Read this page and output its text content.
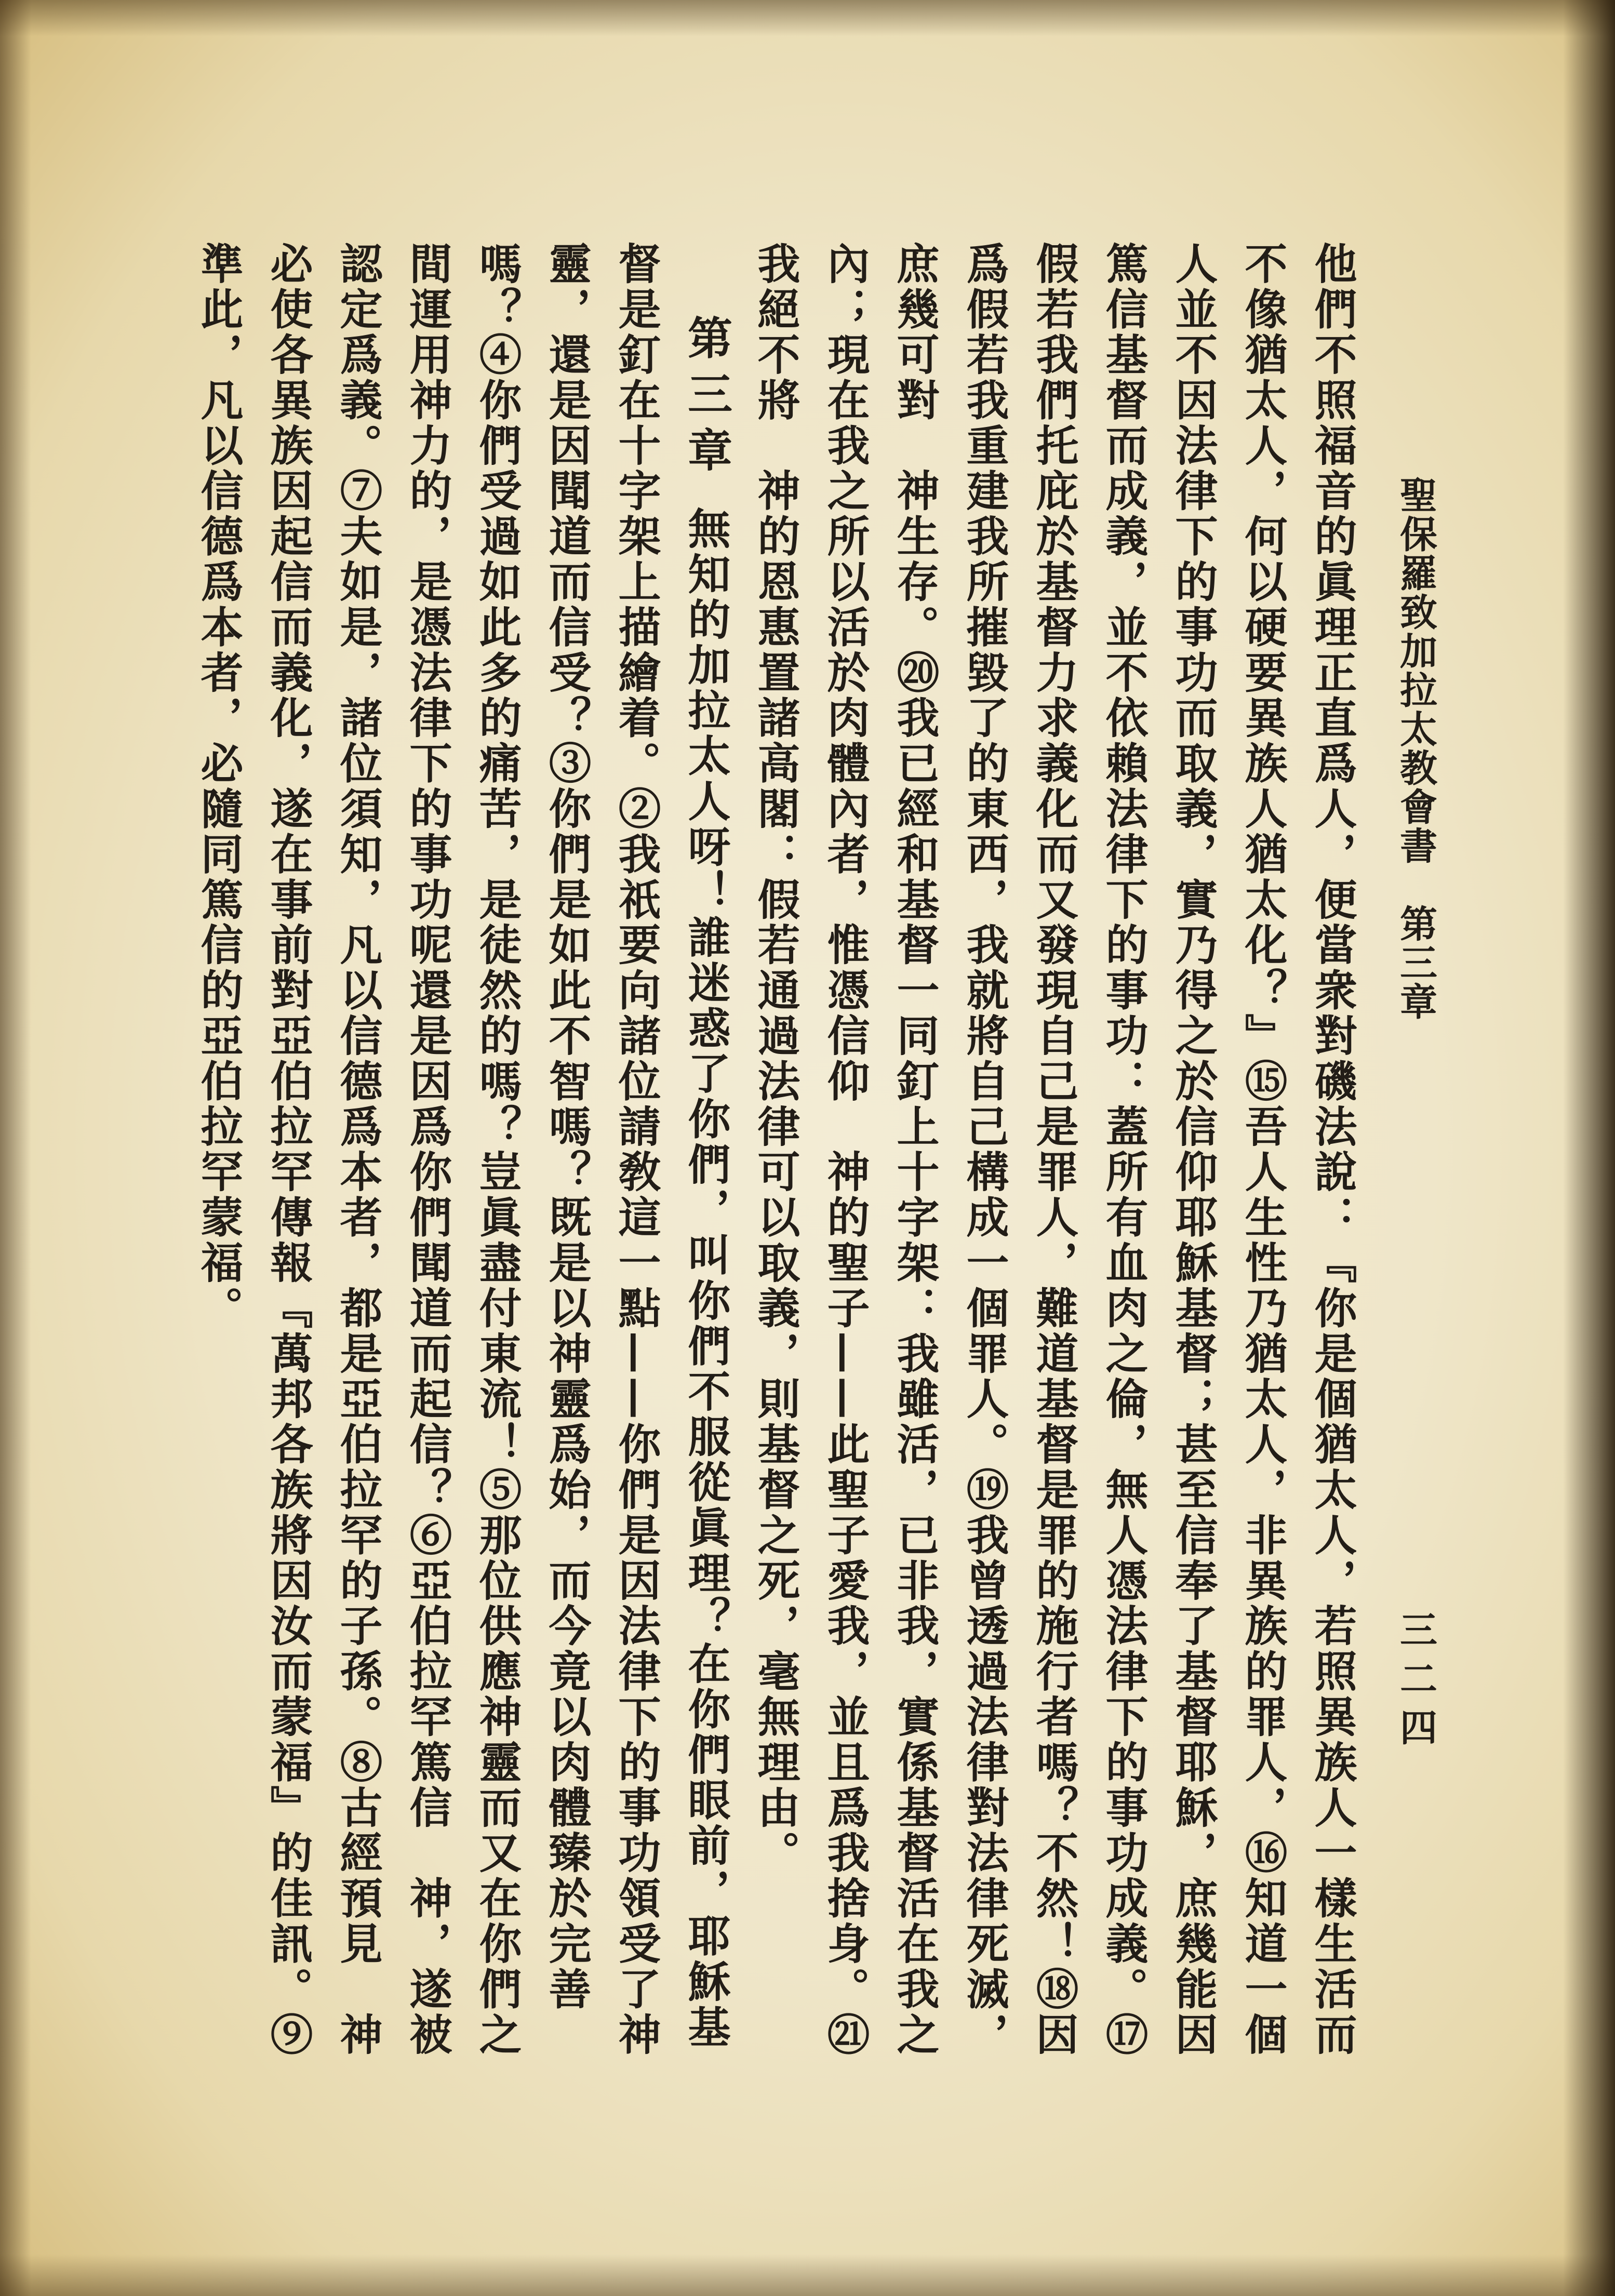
聖保羅致加拉太教會書　第三章
三二四
他們不照福音的眞理正直爲人，便當衆對磯法說：『你是個猶太人，若照異族人一樣生活而
不像猶太人，何以硬要異族人猶太化？』⑮吾人生性乃猶太人，非異族的罪人，⑯知道一個
人並不因法律下的事功而取義，實乃得之於信仰耶穌基督；甚至信奉了基督耶穌，庶幾能因
篤信基督而成義，並不依賴法律下的事功：蓋所有血肉之倫，無人憑法律下的事功成義。⑰
假若我們托庇於基督力求義化而又發現自己是罪人，難道基督是罪的施行者嗎？不然！⑱因
爲假若我重建我所摧毀了的東西，我就將自己構成一個罪人。⑲我曾透過法律對法律死滅，
庶幾可對　神生存。⑳我已經和基督一同釘上十字架：我雖活，已非我，實係基督活在我之
內；現在我之所以活於肉體內者，惟憑信仰　神的聖子——此聖子愛我，並且爲我捨身。㉑
我絕不將　神的恩惠置諸高閣：假若通過法律可以取義，則基督之死，毫無理由。
第三章
無知的加拉太人呀！誰迷惑了你們，叫你們不服從眞理？在你們眼前，耶穌基
督是釘在十字架上描繪着。②我祇要向諸位請敎這一點——你們是因法律下的事功領受了神
靈，還是因聞道而信受？③你們是如此不智嗎？既是以神靈爲始，而今竟以肉體臻於完善
嗎？④你們受過如此多的痛苦，是徒然的嗎？豈眞盡付東流！⑤那位供應神靈而又在你們之
間運用神力的，是憑法律下的事功呢還是因爲你們聞道而起信？⑥亞伯拉罕篤信　神，遂被
認定爲義。⑦夫如是，諸位須知，凡以信德爲本者，都是亞伯拉罕的子孫。⑧古經預見　神
必使各異族因起信而義化，遂在事前對亞伯拉罕傳報『萬邦各族將因汝而蒙福』的佳訊。⑨
準此，凡以信德爲本者，必隨同篤信的亞伯拉罕蒙福。
